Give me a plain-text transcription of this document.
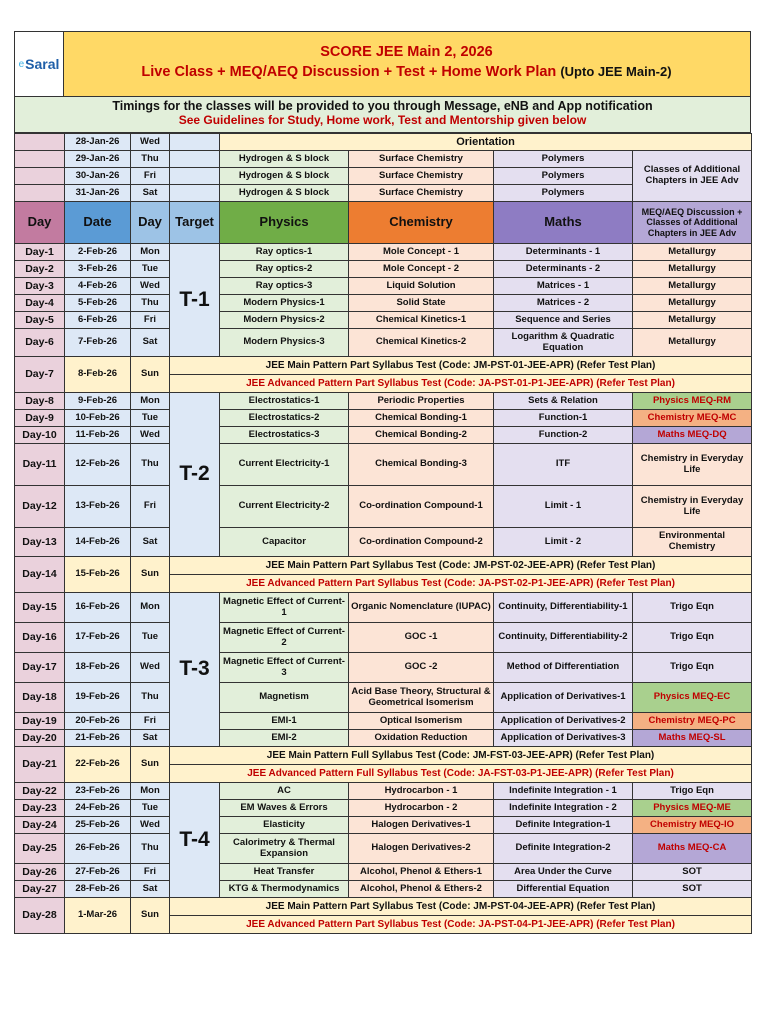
e Saral
SCORE JEE Main 2, 2026
Live Class + MEQ/AEQ Discussion + Test + Home Work Plan (Upto JEE Main-2)
Timings for the classes will be provided to you through Message, eNB and App notification
See Guidelines for Study, Home work, Test and Mentorship given below
	28-Jan-26	Wed		Orientation			
	29-Jan-26	Thu		Hydrogen & S block	Surface Chemistry	Polymers	Classes of Additional Chapters in JEE Adv
	30-Jan-26	Fri		Hydrogen & S block	Surface Chemistry	Polymers	
	31-Jan-26	Sat		Hydrogen & S block	Surface Chemistry	Polymers	
Day	Date	Day	Target	Physics	Chemistry	Maths	MEQ/AEQ Discussion + Classes of Additional Chapters in JEE Adv
Day-1	2-Feb-26	Mon	T-1	Ray optics-1	Mole Concept - 1	Determinants - 1	Metallurgy
Day-2	3-Feb-26	Tue		Ray optics-2	Mole Concept - 2	Determinants - 2	Metallurgy
Day-3	4-Feb-26	Wed		Ray optics-3	Liquid Solution	Matrices - 1	Metallurgy
Day-4	5-Feb-26	Thu		Modern Physics-1	Solid State	Matrices - 2	Metallurgy
Day-5	6-Feb-26	Fri		Modern Physics-2	Chemical Kinetics-1	Sequence and Series	Metallurgy
Day-6	7-Feb-26	Sat		Modern Physics-3	Chemical Kinetics-2	Logarithm & Quadratic Equation	Metallurgy
Day-7	8-Feb-26	Sun	JEE Main Pattern Part Syllabus Test (Code: JM-PST-01-JEE-APR) (Refer Test Plan)				
			JEE Advanced Pattern Part Syllabus Test (Code: JA-PST-01-P1-JEE-APR) (Refer Test Plan)				
Day-8	9-Feb-26	Mon	T-2	Electrostatics-1	Periodic Properties	Sets & Relation	Physics MEQ-RM
Day-9	10-Feb-26	Tue		Electrostatics-2	Chemical Bonding-1	Function-1	Chemistry MEQ-MC
Day-10	11-Feb-26	Wed		Electrostatics-3	Chemical Bonding-2	Function-2	Maths MEQ-DQ
Day-11	12-Feb-26	Thu		Current Electricity-1	Chemical Bonding-3	ITF	Chemistry in Everyday Life
Day-12	13-Feb-26	Fri		Current Electricity-2	Co-ordination Compound-1	Limit - 1	Chemistry in Everyday Life
Day-13	14-Feb-26	Sat		Capacitor	Co-ordination Compound-2	Limit - 2	Environmental Chemistry
Day-14	15-Feb-26	Sun	JEE Main Pattern Part Syllabus Test (Code: JM-PST-02-JEE-APR) (Refer Test Plan)				
			JEE Advanced Pattern Part Syllabus Test (Code: JA-PST-02-P1-JEE-APR) (Refer Test Plan)				
Day-15	16-Feb-26	Mon	T-3	Magnetic Effect of Current-1	Organic Nomenclature (IUPAC)	Continuity, Differentiability-1	Trigo Eqn
Day-16	17-Feb-26	Tue		Magnetic Effect of Current-2	GOC -1	Continuity, Differentiability-2	Trigo Eqn
Day-17	18-Feb-26	Wed		Magnetic Effect of Current-3	GOC -2	Method of Differentiation	Trigo Eqn
Day-18	19-Feb-26	Thu		Magnetism	Acid Base Theory, Structural & Geometrical Isomerism	Application of Derivatives-1	Physics MEQ-EC
Day-19	20-Feb-26	Fri		EMI-1	Optical Isomerism	Application of Derivatives-2	Chemistry MEQ-PC
Day-20	21-Feb-26	Sat		EMI-2	Oxidation Reduction	Application of Derivatives-3	Maths MEQ-SL
Day-21	22-Feb-26	Sun	JEE Main Pattern Full Syllabus Test (Code: JM-FST-03-JEE-APR) (Refer Test Plan)				
			JEE Advanced Pattern Full Syllabus Test (Code: JA-FST-03-P1-JEE-APR) (Refer Test Plan)				
Day-22	23-Feb-26	Mon	T-4	AC	Hydrocarbon - 1	Indefinite Integration - 1	Trigo Eqn
Day-23	24-Feb-26	Tue		EM Waves & Errors	Hydrocarbon - 2	Indefinite Integration - 2	Physics MEQ-ME
Day-24	25-Feb-26	Wed		Elasticity	Halogen Derivatives-1	Definite Integration-1	Chemistry MEQ-IO
Day-25	26-Feb-26	Thu		Calorimetry & Thermal Expansion	Halogen Derivatives-2	Definite Integration-2	Maths MEQ-CA
Day-26	27-Feb-26	Fri		Heat Transfer	Alcohol, Phenol & Ethers-1	Area Under the Curve	SOT
Day-27	28-Feb-26	Sat		KTG & Thermodynamics	Alcohol, Phenol & Ethers-2	Differential Equation	SOT
Day-28	1-Mar-26	Sun	JEE Main Pattern Part Syllabus Test (Code: JM-PST-04-JEE-APR) (Refer Test Plan)				
			JEE Advanced Pattern Part Syllabus Test (Code: JA-PST-04-P1-JEE-APR) (Refer Test Plan)				
